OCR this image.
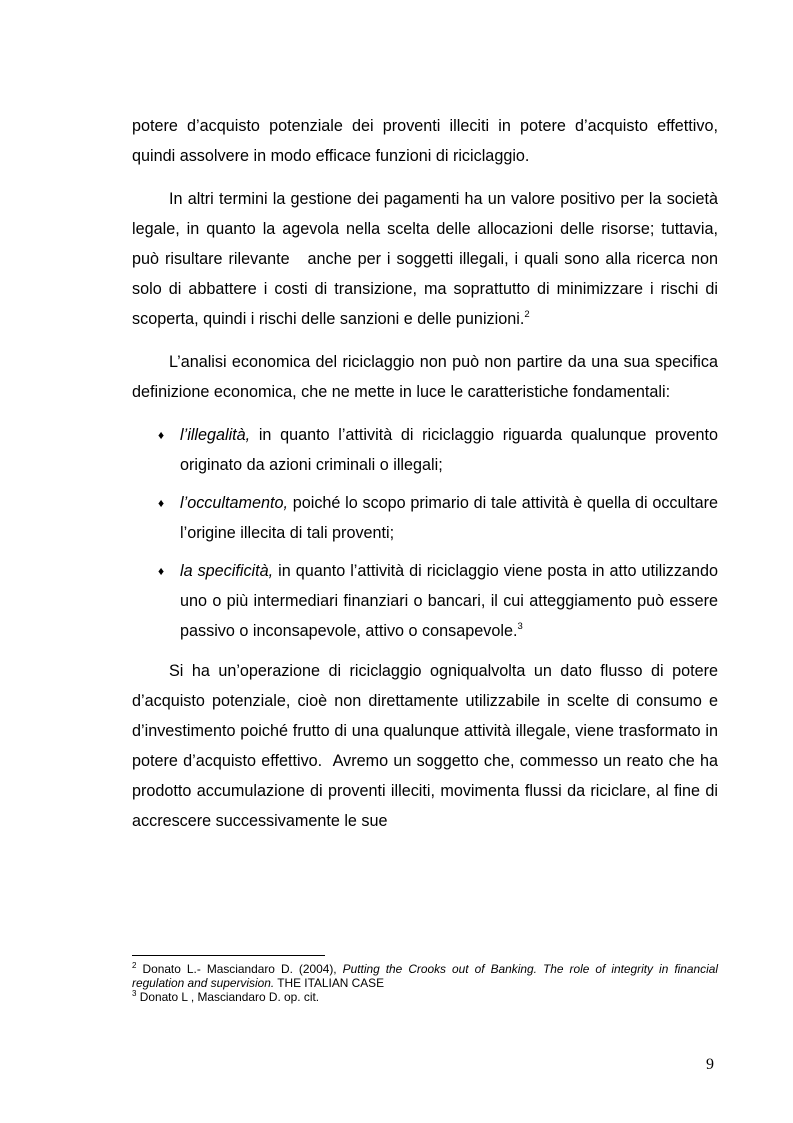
potere d’acquisto potenziale dei proventi illeciti in potere d’acquisto effettivo, quindi assolvere in modo efficace funzioni di riciclaggio.

In altri termini la gestione dei pagamenti ha un valore positivo per la società legale, in quanto la agevola nella scelta delle allocazioni delle risorse; tuttavia, può risultare rilevante   anche per i soggetti illegali, i quali sono alla ricerca non solo di abbattere i costi di transizione, ma soprattutto di minimizzare i rischi di scoperta, quindi i rischi delle sanzioni e delle punizioni.$^2$

L’analisi economica del riciclaggio non può non partire da una sua specifica definizione economica, che ne mette in luce le caratteristiche fondamentali:

♦ l’illegalità, in quanto l’attività di riciclaggio riguarda qualunque provento originato da azioni criminali o illegali;
♦ l’occultamento, poiché lo scopo primario di tale attività è quella di occultare l’origine illecita di tali proventi;
♦ la specificità, in quanto l’attività di riciclaggio viene posta in atto utilizzando uno o più intermediari finanziari o bancari, il cui atteggiamento può essere passivo o inconsapevole, attivo o consapevole.$^3$

Si ha un’operazione di riciclaggio ogniqualvolta un dato flusso di potere d’acquisto potenziale, cioè non direttamente utilizzabile in scelte di consumo e d’investimento poiché frutto di una qualunque attività illegale, viene trasformato in potere d’acquisto effettivo.  Avremo un soggetto che, commesso un reato che ha prodotto accumulazione di proventi illeciti, movimenta flussi da riciclare, al fine di accrescere successivamente le sue

$^2$ Donato L.- Masciandaro D. (2004), Putting the Crooks out of Banking. The role of integrity in financial regulation and supervision. THE ITALIAN CASE

$^3$ Donato L , Masciandaro D. op. cit.

9
